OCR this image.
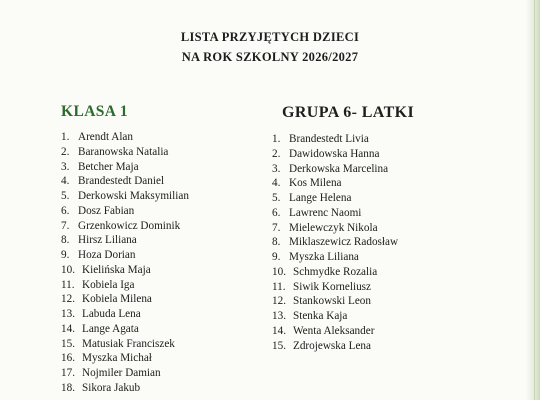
LISTA PRZYJĘTYCH DZIECI
NA ROK SZKOLNY 2026/2027
KLASA 1	GRUPA 6- LATKI
1. Arendt Alan
2. Baranowska Natalia
3. Betcher Maja
4. Brandestedt Daniel
5. Derkowski Maksymilian
6. Dosz Fabian
7. Grzenkowicz Dominik
8. Hirsz Liliana
9. Hoza Dorian
10. Kielińska Maja
11. Kobiela Iga
12. Kobiela Milena
13. Labuda Lena
14. Lange Agata
15. Matusiak Franciszek
16. Myszka Michał
17. Nojmiler Damian
18. Sikora Jakub
1. Brandestedt Livia
2. Dawidowska Hanna
3. Derkowska Marcelina
4. Kos Milena
5. Lange Helena
6. Lawrenc Naomi
7. Mielewczyk Nikola
8. Miklaszewicz Radosław
9. Myszka Liliana
10. Schmydke Rozalia
11. Siwik Korneliusz
12. Stankowski Leon
13. Stenka Kaja
14. Wenta Aleksander
15. Zdrojewska Lena
